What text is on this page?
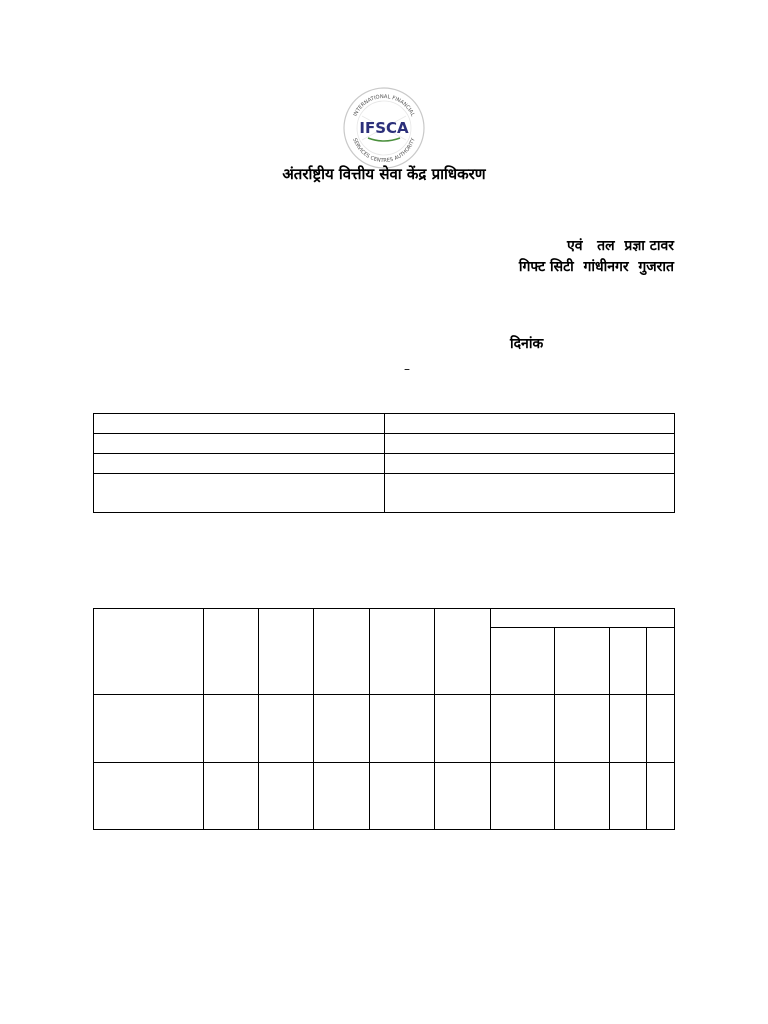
INTERNATIONAL FINANCIAL
SERVICES CENTRES AUTHORITY
IFSCA
अंतर्राष्ट्रीय वित्तीय सेवा केंद्र प्राधिकरण
एवं   तल  प्रज्ञा टावर
गिफ्ट सिटी  गांधीनगर  गुजरात
दिनांक
–
